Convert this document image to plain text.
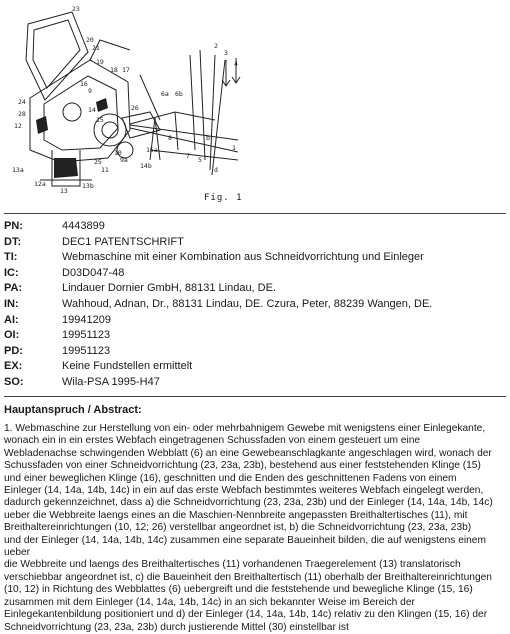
23
20
21
19
18 17
2
3
4
6a 6b
24
28
16
9
12
15
14
15a
10
9a
1
5
11
13a
13
13b
12a
25
26
7
8	b
d
14b
Fig. 1
PN:	4443899
DT:	DEC1 PATENTSCHRIFT
TI:	Webmaschine mit einer Kombination aus Schneidvorrichtung und Einleger
IC:	D03D047-48
PA:	Lindauer Dornier GmbH, 88131 Lindau, DE.
IN:	Wahhoud, Adnan, Dr., 88131 Lindau, DE. Czura, Peter, 88239 Wangen, DE.
AI:	19941209
OI:	19951123
PD:	19951123
EX:	Keine Fundstellen ermittelt
SO:	Wila-PSA 1995-H47
Hauptanspruch / Abstract:
1. Webmaschine zur Herstellung von ein- oder mehrbahnigem Gewebe mit wenigstens einer Einlegekante,
wonach ein in ein erstes Webfach eingetragenen Schussfaden von einem gesteuert um eine
Webladenachse schwingenden Webblatt (6) an eine Gewebeanschlagkante angeschlagen wird, wonach der
Schussfaden von einer Schneidvorrichtung (23, 23a, 23b), bestehend aus einer feststehenden Klinge (15)
und einer beweglichen Klinge (16), geschnitten und die Enden des geschnittenen Fadens von einem
Einleger (14, 14a, 14b, 14c) in ein auf das erste Webfach bestimmtes weiteres Webfach eingelegt werden,
dadurch gekennzeichnet, dass a) die Schneidvorrichtung (23, 23a, 23b) und der Einleger (14, 14a, 14b, 14c)
ueber die Webbreite laengs eines an die Maschien-Nennbreite angepassten Breithaltertisches (11), mit
Breithaltereinrichtungen (10, 12; 26) verstellbar angeordnet ist, b) die Schneidvorrichtung (23, 23a, 23b)
und der Einleger (14, 14a, 14b, 14c) zusammen eine separate Baueinheit bilden, die auf wenigstens einem ueber
die Webbreite und laengs des Breithaltertisches (11) vorhandenen Traegerelement (13) translatorisch
verschiebbar angeordnet ist, c) die Baueinheit den Breithaltertisch (11) oberhalb der Breithaltereinrichtungen
(10, 12) in Richtung des Webblattes (6) uebergreift und die feststehende und bewegliche Klinge (15, 16)
zusammen mit dem Einleger (14, 14a, 14b, 14c) in an sich bekannter Weise im Bereich der
Einlegekantenbildung positioniert und d) der Einleger (14, 14a, 14b, 14c) relativ zu den Klingen (15, 16) der
Schneidvorrichtung (23, 23a, 23b) durch justierende Mittel (30) einstellbar ist
